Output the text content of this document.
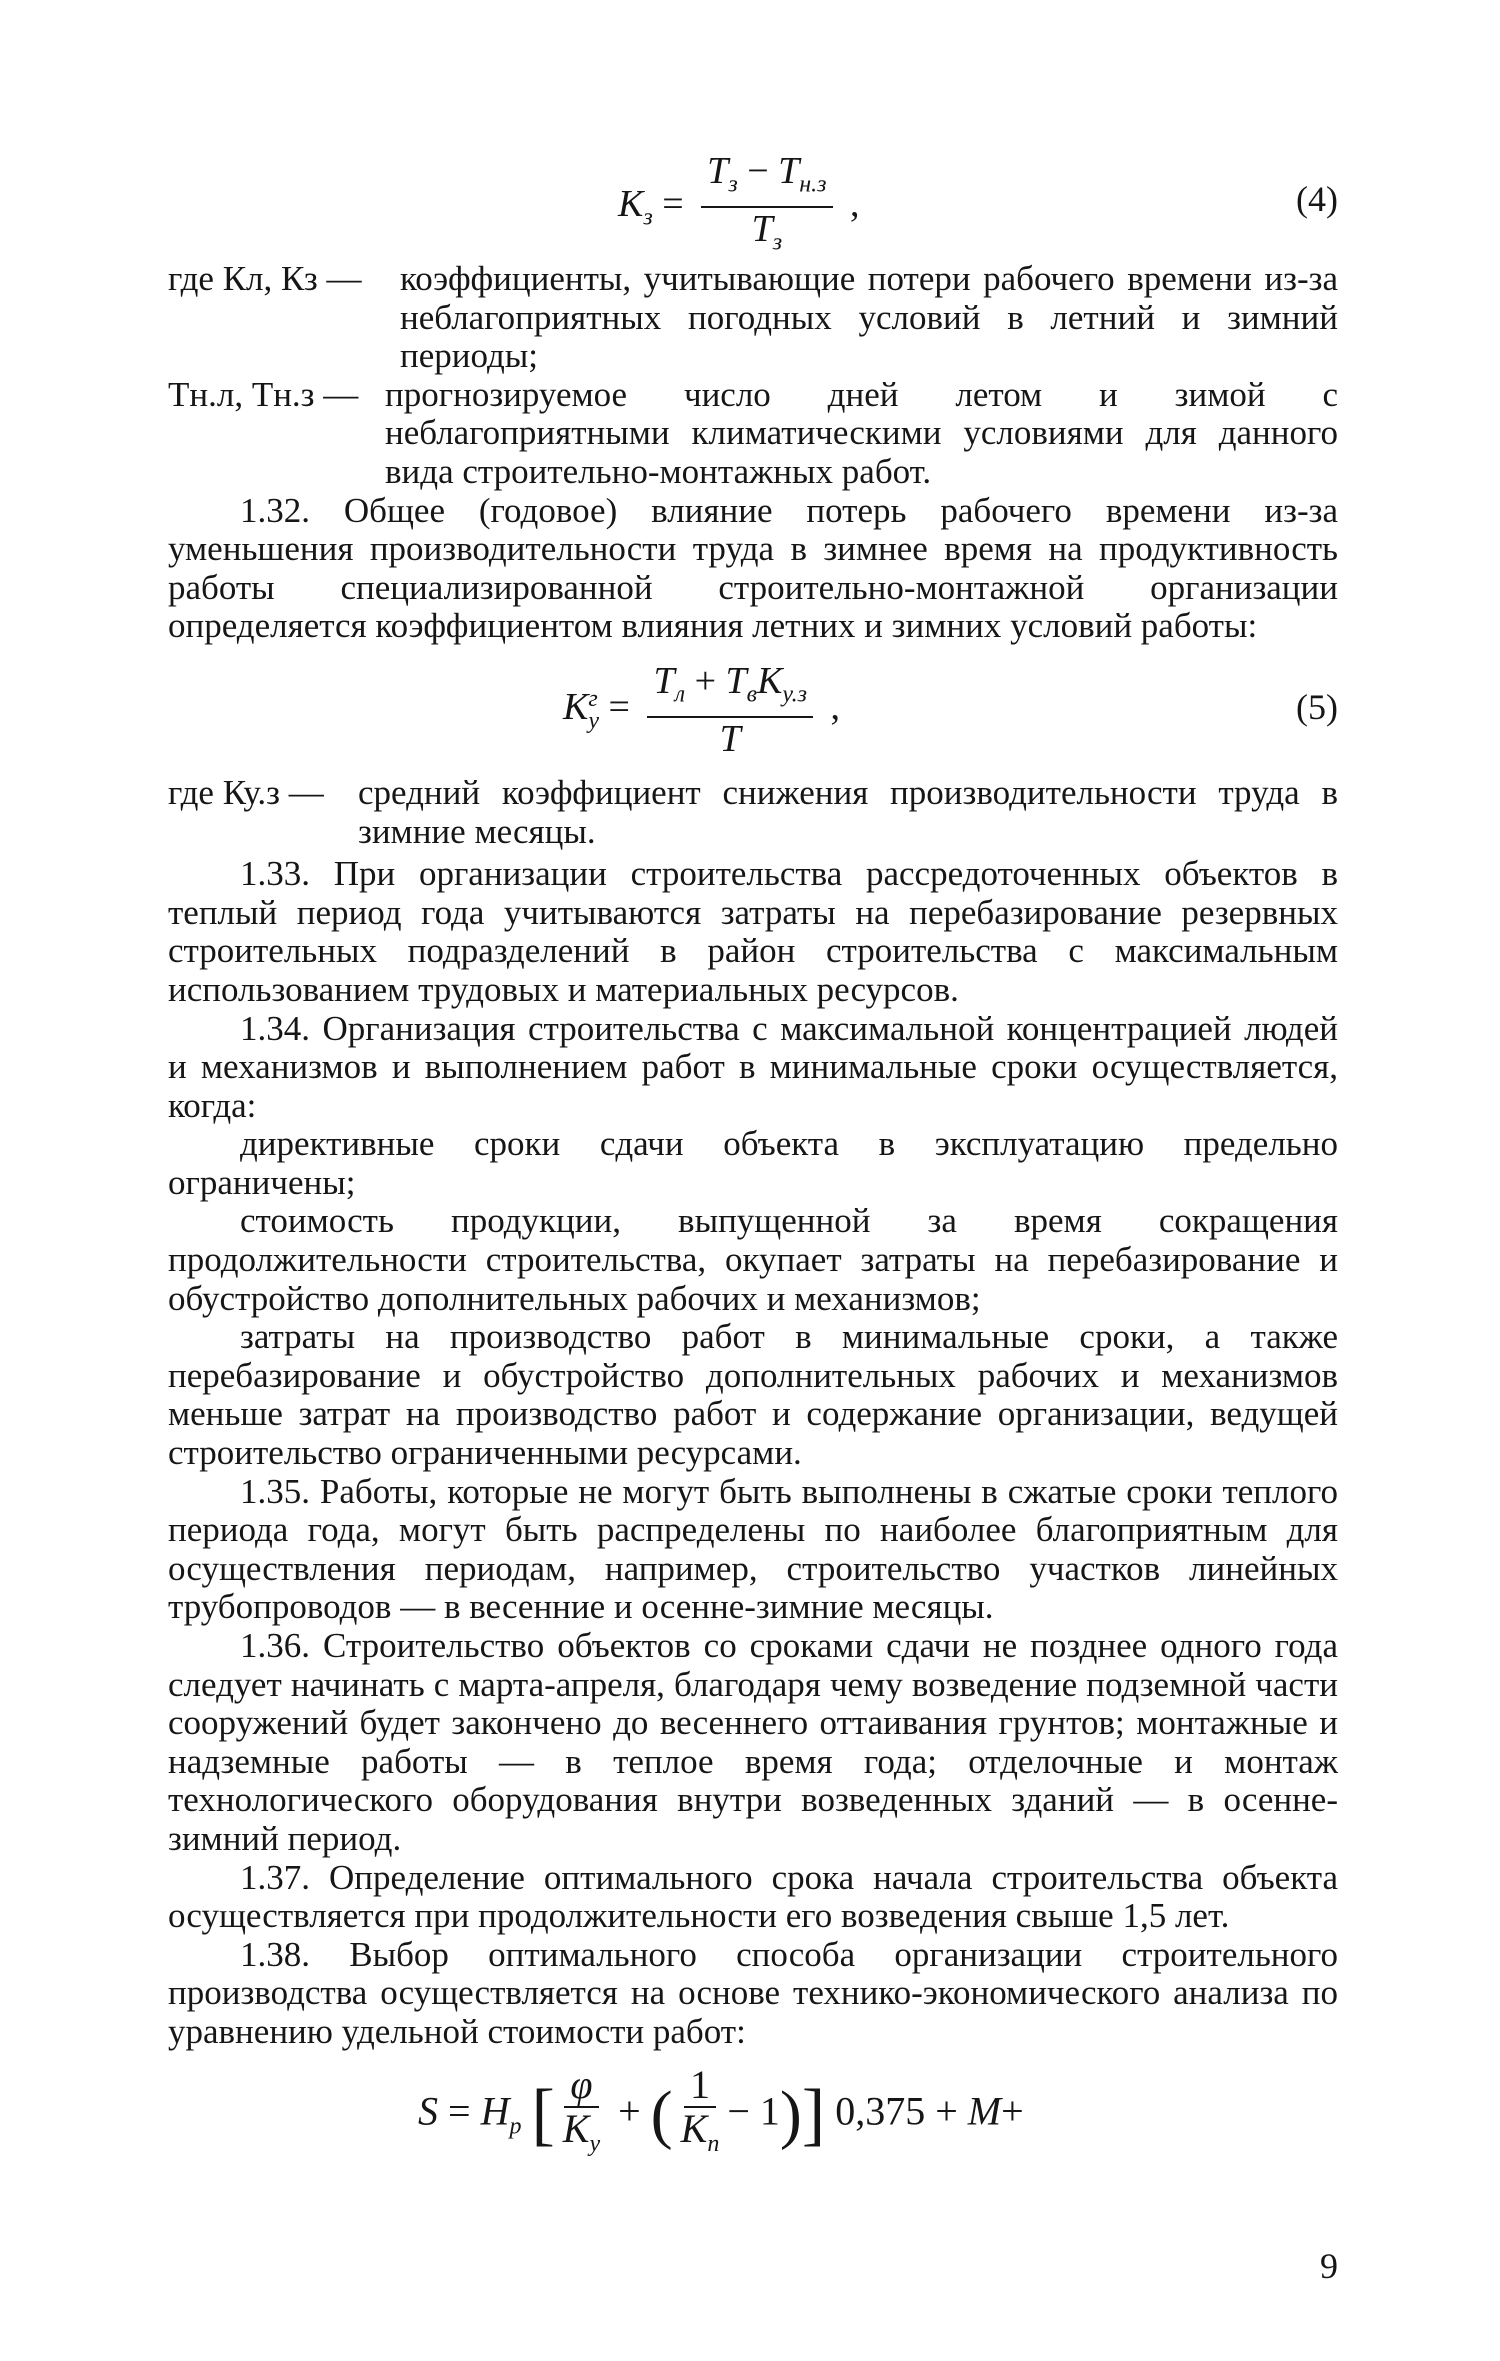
$K_з = \frac{T_з - T_{н.з}}{T_з}$ ,	(4)
где Кл, Кз — коэффициенты, учитывающие потери рабочего времени из-за неблагоприятных погодных условий в летний и зимний периоды;
Тн.л, Тн.з — прогнозируемое число дней летом и зимой с неблагоприятными климатическими условиями для данного вида строительно-монтажных работ.

1.32. Общее (годовое) влияние потерь рабочего времени из-за уменьшения производительности труда в зимнее время на продуктивность работы специализированной строительно-монтажной организации определяется коэффициентом влияния летних и зимних условий работы:

K г
$у = \frac{T_л + T_вK_{у.з}}{T}$ ,	(5)
где Ку.з — средний коэффициент снижения производительности труда в зимние месяцы.

1.33. При организации строительства рассредоточенных объектов в теплый период года учитываются затраты на перебазирование резервных строительных подразделений в район строительства с максимальным использованием трудовых и материальных ресурсов.

1.34. Организация строительства с максимальной концентрацией людей и механизмов и выполнением работ в минимальные сроки осуществляется, когда:

директивные сроки сдачи объекта в эксплуатацию предельно ограничены;

стоимость продукции, выпущенной за время сокращения продолжительности строительства, окупает затраты на перебазирование и обустройство дополнительных рабочих и механизмов;

затраты на производство работ в минимальные сроки, а также перебазирование и обустройство дополнительных рабочих и механизмов меньше затрат на производство работ и содержание организации, ведущей строительство ограниченными ресурсами.

1.35. Работы, которые не могут быть выполнены в сжатые сроки теплого периода года, могут быть распределены по наиболее благоприятным для осуществления периодам, например, строительство участков линейных трубопроводов — в весенние и осенне-зимние месяцы.

1.36. Строительство объектов со сроками сдачи не позднее одного года следует начинать с марта-апреля, благодаря чему возведение подземной части сооружений будет закончено до весеннего оттаивания грунтов; монтажные и надземные работы — в теплое время года; отделочные и монтаж технологического оборудования внутри возведенных зданий — в осенне-зимний период.

1.37. Определение оптимального срока начала строительства объекта осуществляется при продолжительности его возведения свыше 1,5 лет.

1.38. Выбор оптимального способа организации строительного производства осуществляется на основе технико-экономического анализа по уравнению удельной стоимости работ:

$S = H_р$ [ $\frac{\varphi}{K_у}$ + ( $\frac{1}{K_п} - 1$)] 0,375 + M+
9
